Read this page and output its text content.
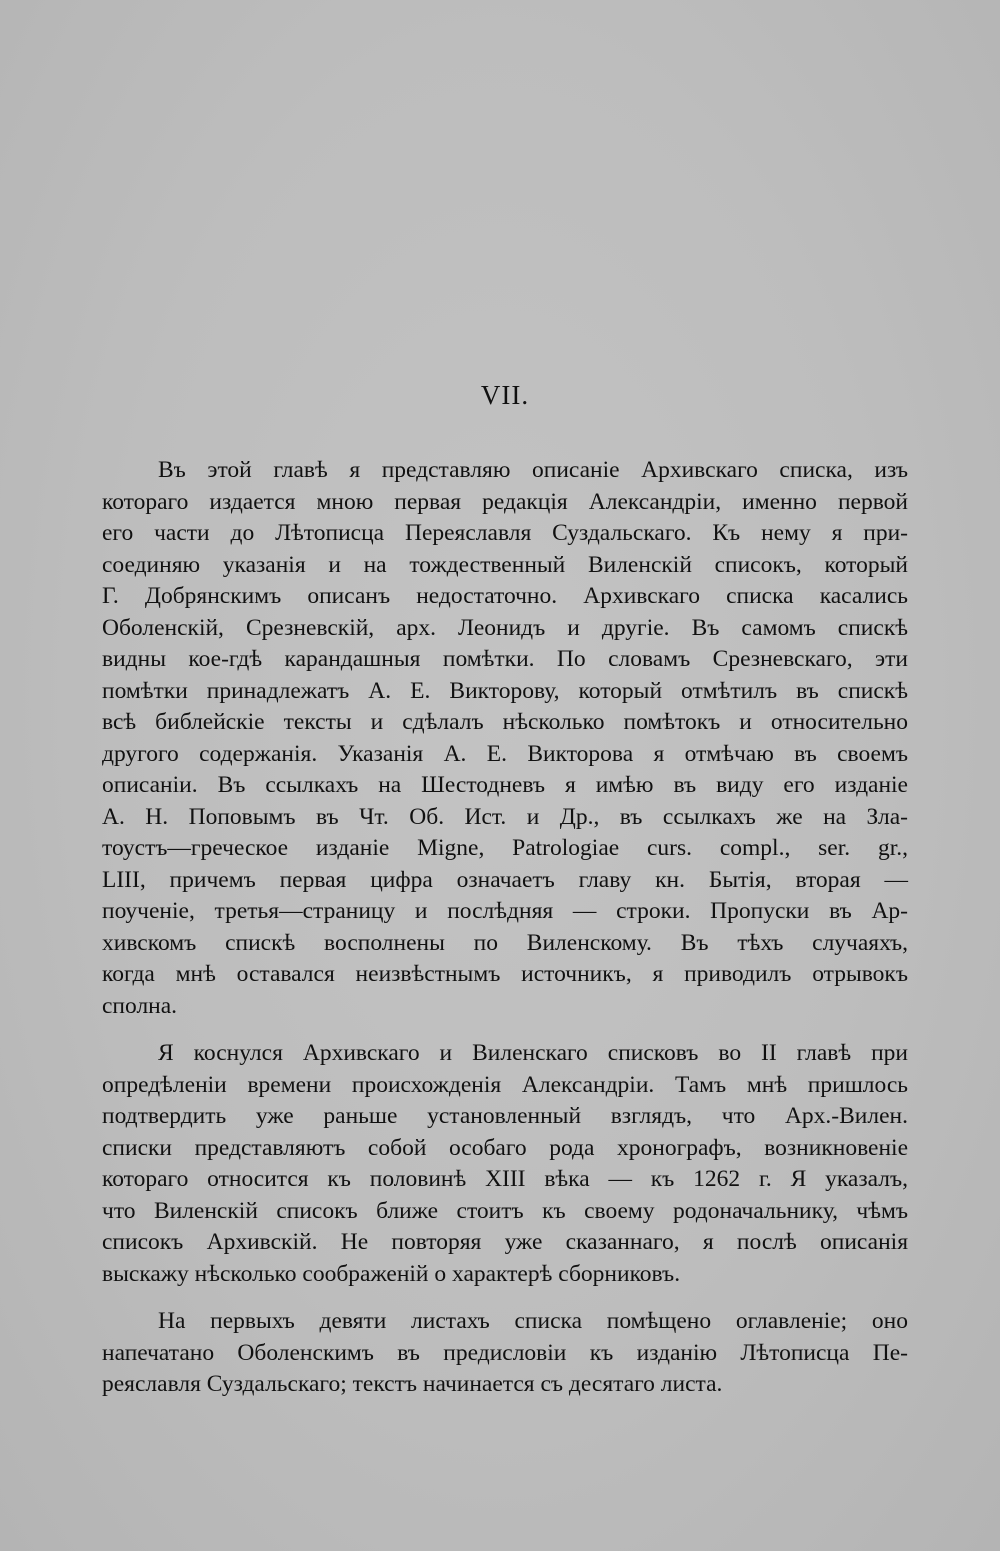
VII.
Въ этой главѣ я представляю описаніе Архивскаго списка, изъ
котораго издается мною первая редакція Александріи, именно первой
его части до Лѣтописца Переяславля Суздальскаго. Къ нему я при-
соединяю указанія и на тождественный Виленскій списокъ, который
Г. Добрянскимъ описанъ недостаточно. Архивскаго списка касались
Оболенскій, Срезневскій, арх. Леонидъ и другіе. Въ самомъ спискѣ
видны кое-гдѣ карандашныя помѣтки. По словамъ Срезневскаго, эти
помѣтки принадлежатъ А. Е. Викторову, который отмѣтилъ въ спискѣ
всѣ библейскіе тексты и сдѣлалъ нѣсколько помѣтокъ и относительно
другого содержанія. Указанія А. Е. Викторова я отмѣчаю въ своемъ
описаніи. Въ ссылкахъ на Шестодневъ я имѣю въ виду его изданіе
А. Н. Поповымъ въ Чт. Об. Ист. и Др., въ ссылкахъ же на Зла-
тоустъ—греческое изданіе Migne, Patrologiae curs. compl., ser. gr.,
LIII, причемъ первая цифра означаетъ главу кн. Бытія, вторая —
поученіе, третья—страницу и послѣдняя — строки. Пропуски въ Ар-
хивскомъ спискѣ восполнены по Виленскому. Въ тѣхъ случаяхъ,
когда мнѣ оставался неизвѣстнымъ источникъ, я приводилъ отрывокъ
сполна.
Я коснулся Архивскаго и Виленскаго списковъ во II главѣ при
опредѣленіи времени происхожденія Александріи. Тамъ мнѣ пришлось
подтвердить уже раньше установленный взглядъ, что Арх.-Вилен.
списки представляютъ собой особаго рода хронографъ, возникновеніе
котораго относится къ половинѣ XIII вѣка — къ 1262 г. Я указалъ,
что Виленскій списокъ ближе стоитъ къ своему родоначальнику, чѣмъ
списокъ Архивскій. Не повторяя уже сказаннаго, я послѣ описанія
выскажу нѣсколько соображеній о характерѣ сборниковъ.
На первыхъ девяти листахъ списка помѣщено оглавленіе; оно
напечатано Оболенскимъ въ предисловіи къ изданію Лѣтописца Пе-
реяславля Суздальскаго; текстъ начинается съ десятаго листа.
